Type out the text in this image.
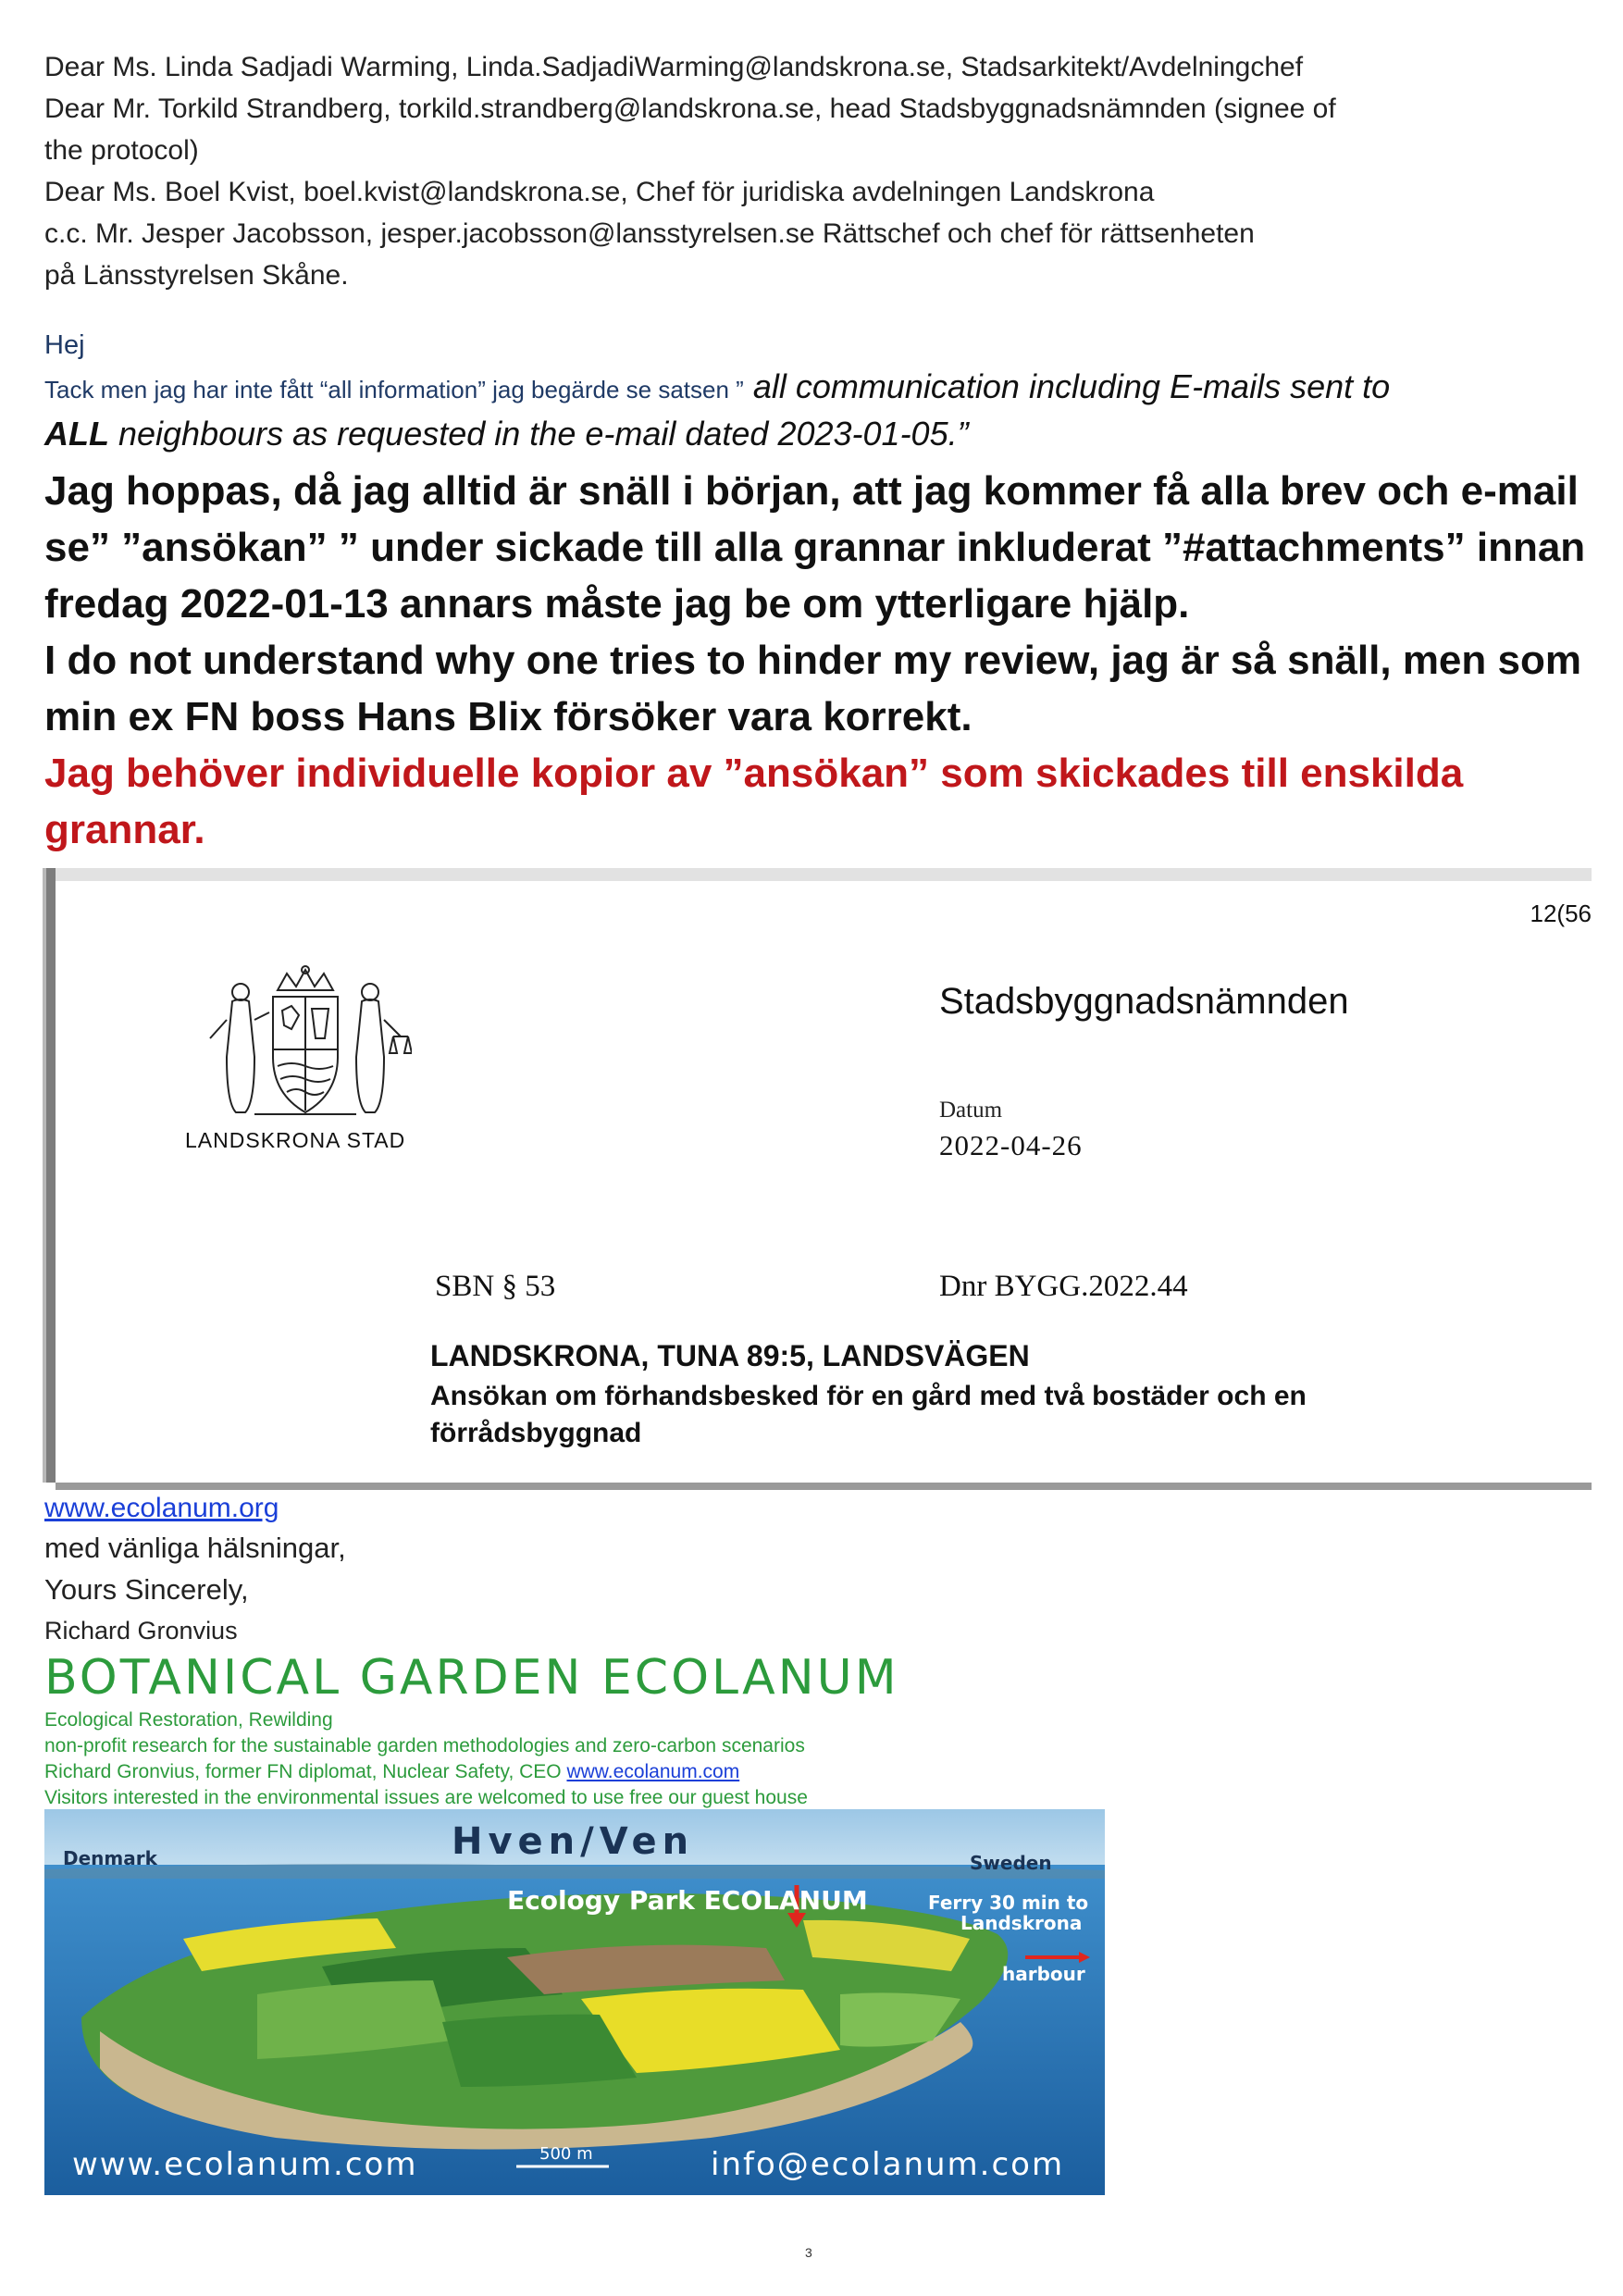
Dear Ms. Linda Sadjadi Warming, Linda.SadjadiWarming@landskrona.se, Stadsarkitekt/Avdelningchef
Dear Mr. Torkild Strandberg, torkild.strandberg@landskrona.se, head Stadsbyggnadsnämnden (signee of
the protocol)
Dear Ms. Boel Kvist, boel.kvist@landskrona.se, Chef för juridiska avdelningen Landskrona
c.c. Mr. Jesper Jacobsson, jesper.jacobsson@lansstyrelsen.se Rättschef och chef för rättsenheten
på Länsstyrelsen Skåne.
Hej
Tack men jag har inte fått “all information” jag begärde se satsen ” all communication including E-mails sent to
ALL neighbours as requested in the e-mail dated 2023-01-05.”
Jag hoppas, då jag alltid är snäll i början, att jag kommer få alla brev och e-mail se” ”ansökan” ” under sickade till alla grannar inkluderat ”#attachments” innan fredag 2022-01-13 annars måste jag be om ytterligare hjälp.
I do not understand why one tries to hinder my review, jag är så snäll, men som min ex FN boss Hans Blix försöker vara korrekt.
Jag behöver individuelle kopior av ”ansökan” som skickades till enskilda grannar.
12(56
LANDSKRONA STAD
Stadsbyggnadsnämnden
Datum
2022-04-26
SBN § 53	Dnr BYGG.2022.44
LANDSKRONA, TUNA 89:5, LANDSVÄGEN
Ansökan om förhandsbesked för en gård med två bostäder och en förrådsbyggnad
www.ecolanum.org
med vänliga hälsningar,
Yours Sincerely,
Richard Gronvius
BOTANICAL GARDEN ECOLANUM
Ecological Restoration, Rewilding
non-profit research for the sustainable garden methodologies and zero-carbon scenarios
Richard Gronvius, former FN diplomat, Nuclear Safety, CEO www.ecolanum.com
Visitors interested in the environmental issues are welcomed to use free our guest house
Hven/Ven
Denmark	Sweden
Ecology Park ECOLANUM	Ferry 30 min to
Landskrona
harbour
500 m
www.ecolanum.com	info@ecolanum.com
3
